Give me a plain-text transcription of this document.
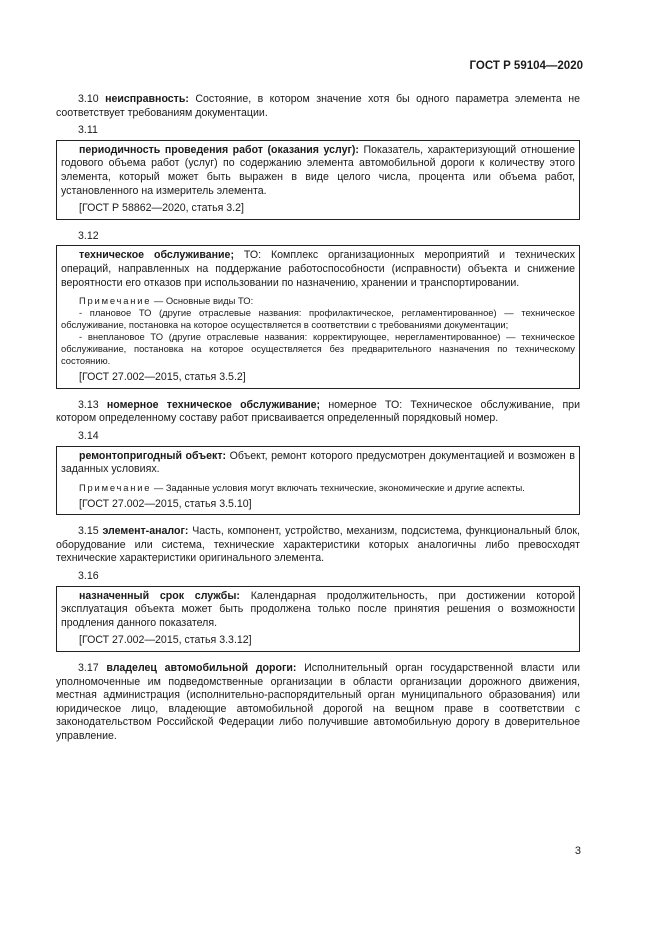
ГОСТ Р 59104—2020

3.10 неисправность: Состояние, в котором значение хотя бы одного параметра элемента не соответствует требованиям документации.

3.11

периодичность проведения работ (оказания услуг): Показатель, характеризующий отношение годового объема работ (услуг) по содержанию элемента автомобильной дороги к количеству этого элемента, который может быть выражен в виде целого числа, процента или объема работ, установленного на измеритель элемента.

[ГОСТ Р 58862—2020, статья 3.2]

3.12

техническое обслуживание; ТО: Комплекс организационных мероприятий и технических операций, направленных на поддержание работоспособности (исправности) объекта и снижение вероятности его отказов при использовании по назначению, хранении и транспортировании.

Примечание — Основные виды ТО:

- плановое ТО (другие отраслевые названия: профилактическое, регламентированное) — техническое обслуживание, постановка на которое осуществляется в соответствии с требованиями документации;

- внеплановое ТО (другие отраслевые названия: корректирующее, нерегламентированное) — техническое обслуживание, постановка на которое осуществляется без предварительного назначения по техническому состоянию.

[ГОСТ 27.002—2015, статья 3.5.2]

3.13 номерное техническое обслуживание; номерное ТО: Техническое обслуживание, при котором определенному составу работ присваивается определенный порядковый номер.

3.14

ремонтопригодный объект: Объект, ремонт которого предусмотрен документацией и возможен в заданных условиях.

Примечание — Заданные условия могут включать технические, экономические и другие аспекты.

[ГОСТ 27.002—2015, статья 3.5.10]

3.15 элемент-аналог: Часть, компонент, устройство, механизм, подсистема, функциональный блок, оборудование или система, технические характеристики которых аналогичны либо превосходят технические характеристики оригинального элемента.

3.16

назначенный срок службы: Календарная продолжительность, при достижении которой эксплуатация объекта может быть продолжена только после принятия решения о возможности продления данного показателя.

[ГОСТ 27.002—2015, статья 3.3.12]

3.17 владелец автомобильной дороги: Исполнительный орган государственной власти или уполномоченные им подведомственные организации в области организации дорожного движения, местная администрация (исполнительно-распорядительный орган муниципального образования) или юридическое лицо, владеющие автомобильной дорогой на вещном праве в соответствии с законодательством Российской Федерации либо получившие автомобильную дорогу в доверительное управление.

3
